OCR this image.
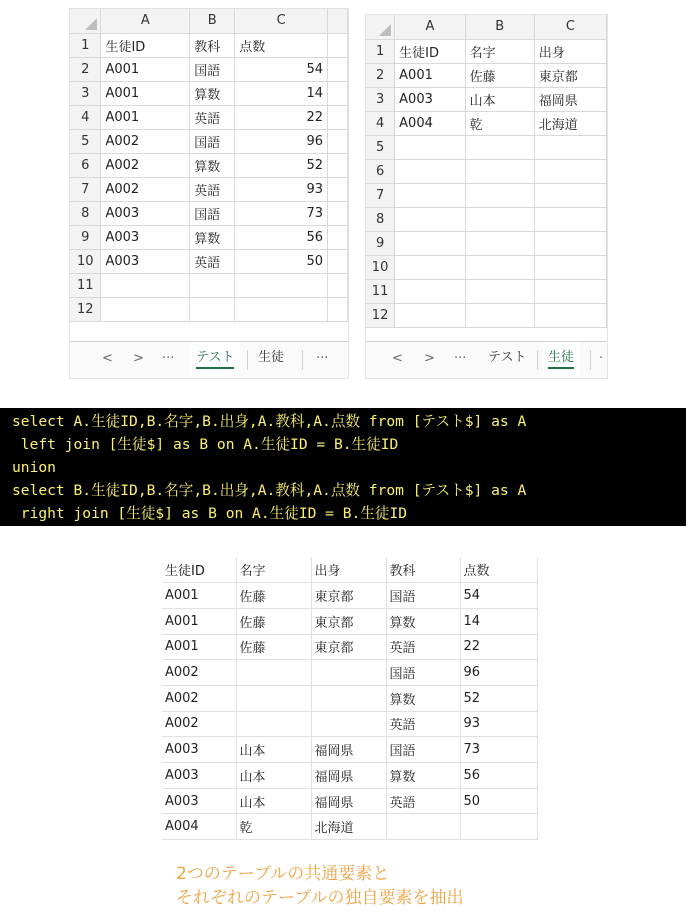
	A	B	C	
1	生徒ID	教科	点数	
2	A001	国語	54	
3	A001	算数	14	
4	A001	英語	22	
5	A002	国語	96	
6	A002	算数	52	
7	A002	英語	93	
8	A003	国語	73	
9	A003	算数	56	
10	A003	英語	50	
11				
12				
< > ···	テスト	生徒	···
	A	B	C
1	生徒ID	名字	出身
2	A001	佐藤	東京都
3	A003	山本	福岡県
4	A004	乾	北海道
5			
6			
7			
8			
9			
10			
11			
12			
< > ···	テスト	生徒	·
select A.生徒ID,B.名字,B.出身,A.教科,A.点数 from [テスト$] as A
left join [生徒$] as B on A.生徒ID = B.生徒ID
union
select B.生徒ID,B.名字,B.出身,A.教科,A.点数 from [テスト$] as A
right join [生徒$] as B on A.生徒ID = B.生徒ID
生徒ID	名字	出身	教科	点数
A001	佐藤	東京都	国語	54
A001	佐藤	東京都	算数	14
A001	佐藤	東京都	英語	22
A002			国語	96
A002			算数	52
A002			英語	93
A003	山本	福岡県	国語	73
A003	山本	福岡県	算数	56
A003	山本	福岡県	英語	50
A004	乾	北海道		
2つのテーブルの共通要素と
それぞれのテーブルの独自要素を抽出
